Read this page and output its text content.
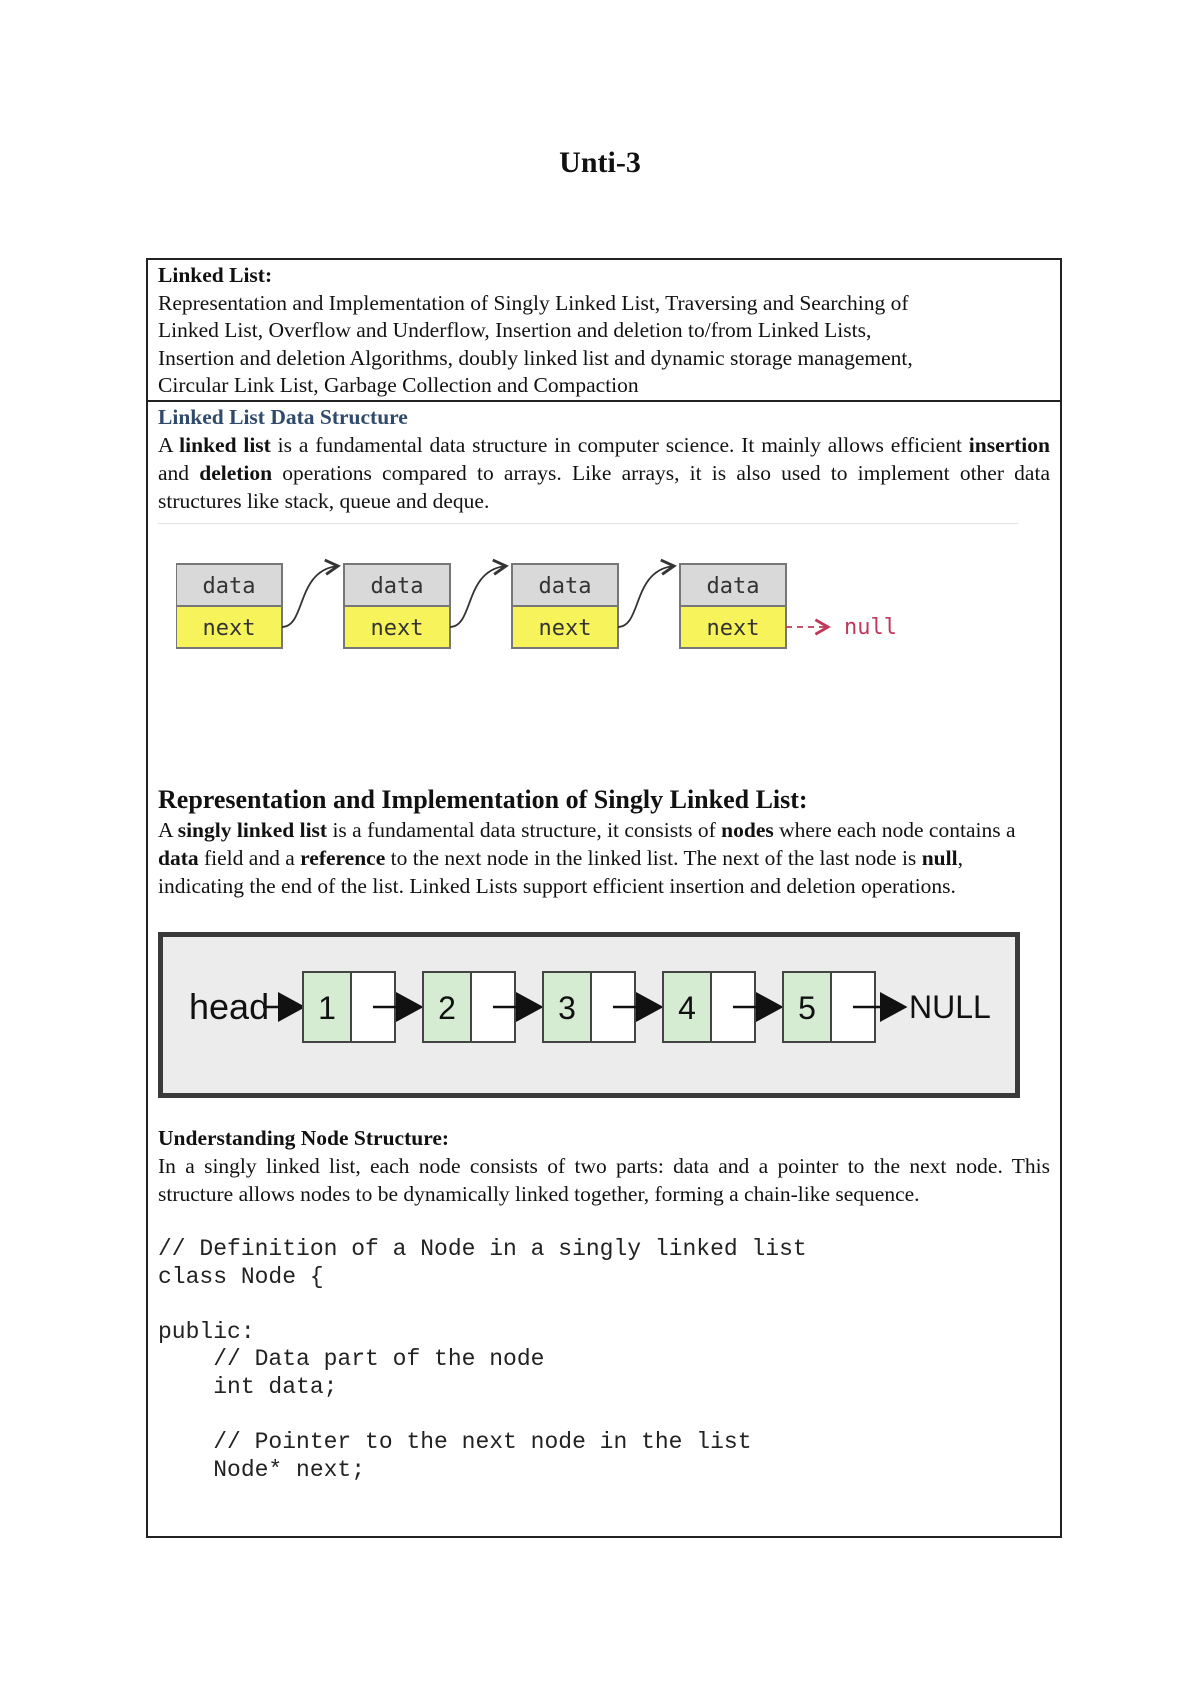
Unti-3
Linked List:
Representation and Implementation of Singly Linked List, Traversing and Searching of
Linked List, Overflow and Underflow, Insertion and deletion to/from Linked Lists,
Insertion and deletion Algorithms, doubly linked list and dynamic storage management,
Circular Link List, Garbage Collection and Compaction
Linked List Data Structure
A linked list is a fundamental data structure in computer science. It mainly allows efficient insertion and deletion operations compared to arrays. Like arrays, it is also used to implement other data structures like stack, queue and deque.
data
next
data
next
data
next
data
next	null
Representation and Implementation of Singly Linked List:
A singly linked list is a fundamental data structure, it consists of nodes where each node contains a data field and a reference to the next node in the linked list. The next of the last node is null, indicating the end of the list. Linked Lists support efficient insertion and deletion operations.
head 1	2	3	4	5	NULL
Understanding Node Structure:
In a singly linked list, each node consists of two parts: data and a pointer to the next node. This structure allows nodes to be dynamically linked together, forming a chain-like sequence.
// Definition of a Node in a singly linked list
class Node {
public:
// Data part of the node
int data;
// Pointer to the next node in the list
Node* next;
